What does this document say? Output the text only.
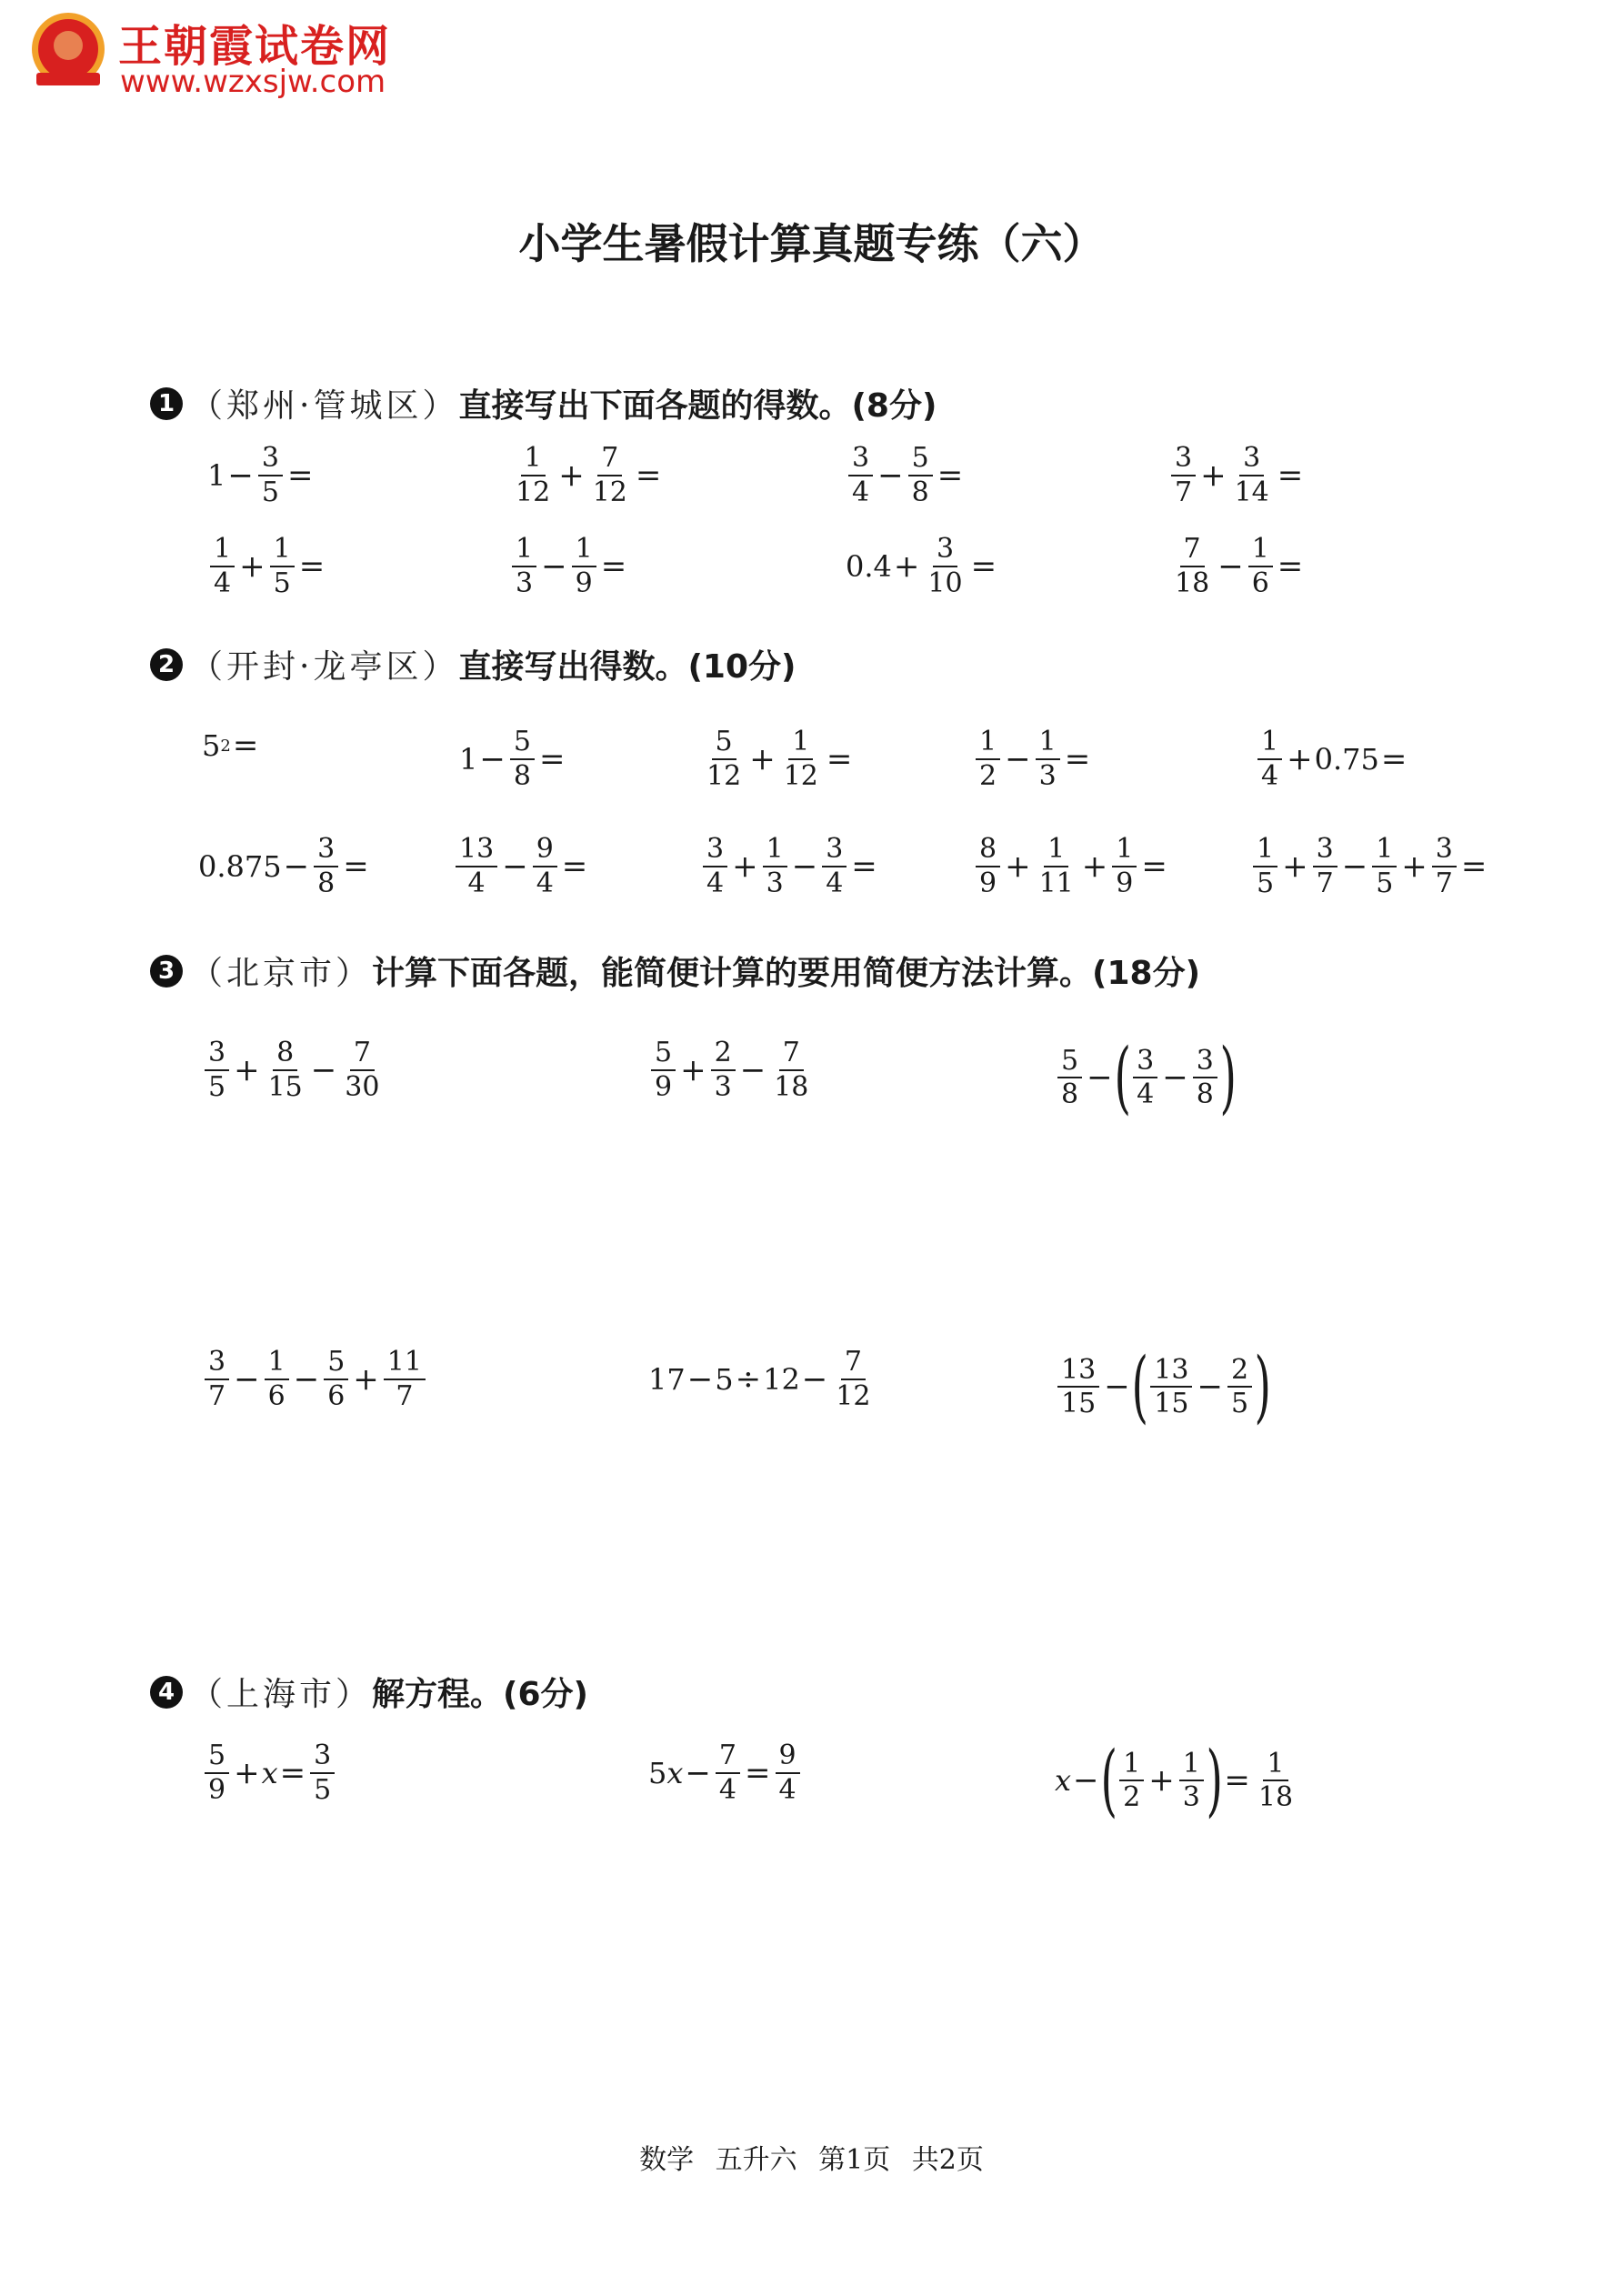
王朝霞试卷网
www.wzxsjw.com
小学生暑假计算真题专练（六）
1 （郑州·管城区） 直接写出下面各题的得数。(8分)
2 （开封·龙亭区） 直接写出得数。(10分)
3 （北京市） 计算下面各题，能简便计算的要用简便方法计算。(18分)
4 （上海市） 解方程。(6分)
$1 - \frac{3}{5}$ =	$\frac{1}{12} + \frac{7}{12}$ =	$\frac{3}{4} - \frac{5}{8}$ =	$\frac{3}{7} + \frac{3}{14}$ =
$\frac{1}{4} + \frac{1}{5}$ =	$\frac{1}{3} - \frac{1}{9}$ =	$0.4 + \frac{3}{10}$ =	$\frac{7}{18} - \frac{1}{6}$ =
5 2 =	$1 - \frac{5}{8}$ =	$\frac{5}{12} + \frac{1}{12}$ =	$\frac{1}{2} - \frac{1}{3}$ =	$\frac{1}{4} + 0.75$ =
$0.875 - \frac{3}{8}$ =	$\frac{13}{4} - \frac{9}{4}$ =	$\frac{3}{4} + \frac{1}{3} - \frac{3}{4}$ =	$\frac{8}{9} + \frac{1}{11} + \frac{1}{9}$ =	$\frac{1}{5} + \frac{3}{7} - \frac{1}{5} + \frac{3}{7}$ =
$\frac{3}{5} + \frac{8}{15} - \frac{7}{30}$	$\frac{5}{9} + \frac{2}{3} - \frac{7}{18}$	$\frac{5}{8}$ − ( $\frac{3}{4} - \frac{3}{8}$ )
$\frac{3}{7} - \frac{1}{6} - \frac{5}{6} + \frac{11}{7}$	$17 - 5 \div 12 - \frac{7}{12}$	$\frac{13}{15}$ − ( $\frac{13}{15} - \frac{2}{5}$ )
$\frac{5}{9} + x = \frac{3}{5}$	5 $x - \frac{7}{4} = \frac{9}{4}$	x − ( $\frac{1}{2} + \frac{1}{3}$ ) = $\frac{1}{18}$
数学 五升六 第1页 共2页
